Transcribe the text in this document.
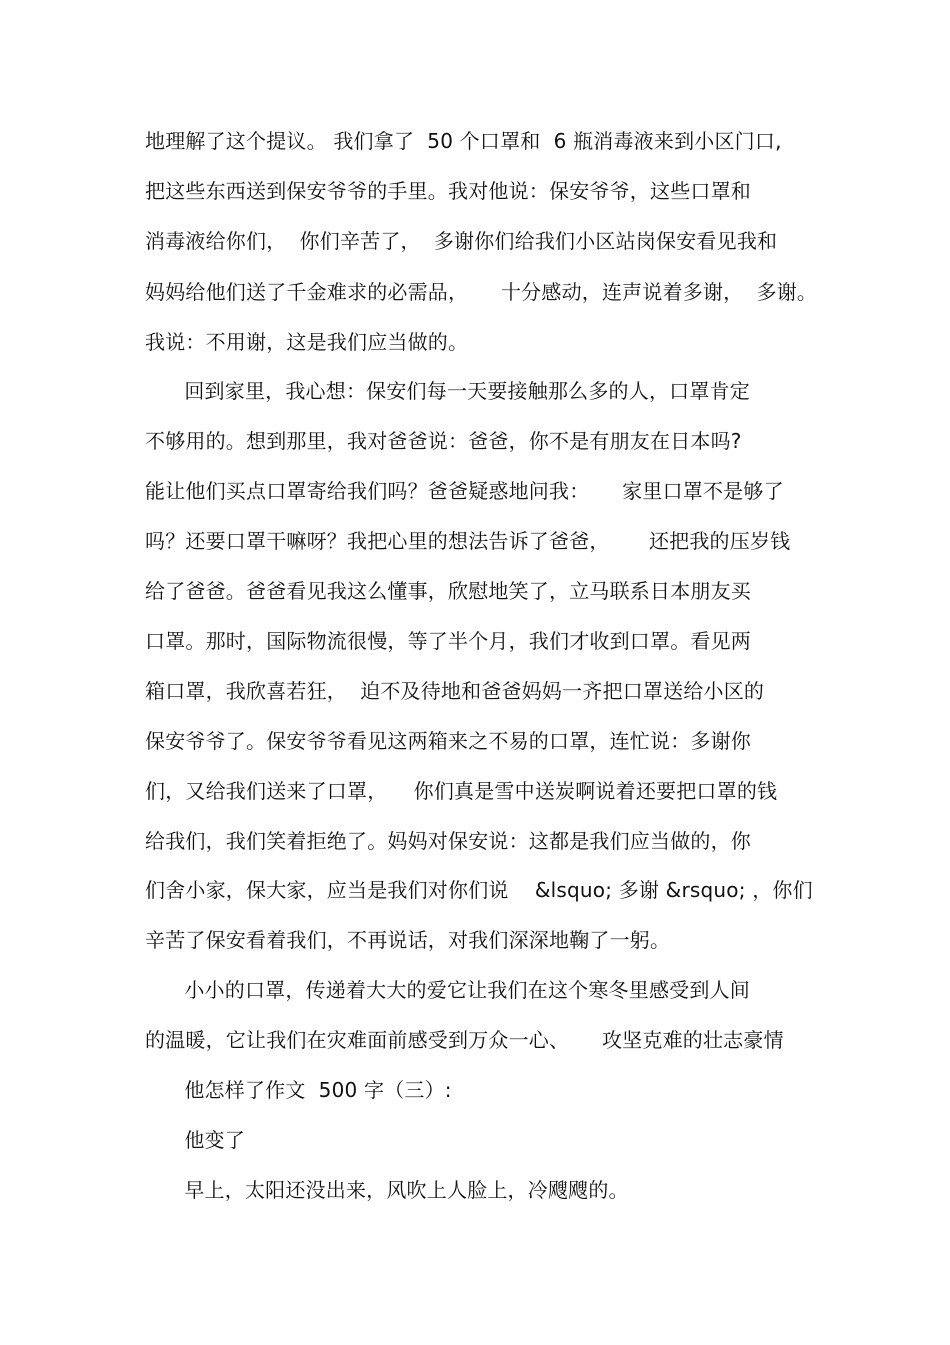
地理解了这个提议。 我们拿了  50 个口罩和  6 瓶消毒液来到小区门口,
把这些东西送到保安爷爷的手里。我对他说：保安爷爷，这些口罩和
消毒液给你们，  你们辛苦了，  多谢你们给我们小区站岗保安看见我和
妈妈给他们送了千金难求的必需品，     十分感动，连声说着多谢，  多谢。
我说：不用谢，这是我们应当做的。
回到家里，我心想：保安们每一天要接触那么多的人，口罩肯定
不够用的。想到那里，我对爸爸说：爸爸，你不是有朋友在日本吗?
能让他们买点口罩寄给我们吗？爸爸疑惑地问我：     家里口罩不是够了
吗？还要口罩干嘛呀？我把心里的想法告诉了爸爸，      还把我的压岁钱
给了爸爸。爸爸看见我这么懂事，欣慰地笑了，立马联系日本朋友买
口罩。那时，国际物流很慢，等了半个月，我们才收到口罩。看见两
箱口罩，我欣喜若狂，  迫不及待地和爸爸妈妈一齐把口罩送给小区的
保安爷爷了。保安爷爷看见这两箱来之不易的口罩，连忙说：多谢你
们，又给我们送来了口罩，    你们真是雪中送炭啊说着还要把口罩的钱
给我们，我们笑着拒绝了。妈妈对保安说：这都是我们应当做的，你
们舍小家，保大家，应当是我们对你们说    &lsquo; 多谢 &rsquo; ，你们
辛苦了保安看着我们，不再说话，对我们深深地鞠了一躬。
小小的口罩，传递着大大的爱它让我们在这个寒冬里感受到人间
的温暖，它让我们在灾难面前感受到万众一心、     攻坚克难的壮志豪情
他怎样了作文  500 字（三）:
他变了
早上，太阳还没出来，风吹上人脸上，冷飕飕的。
